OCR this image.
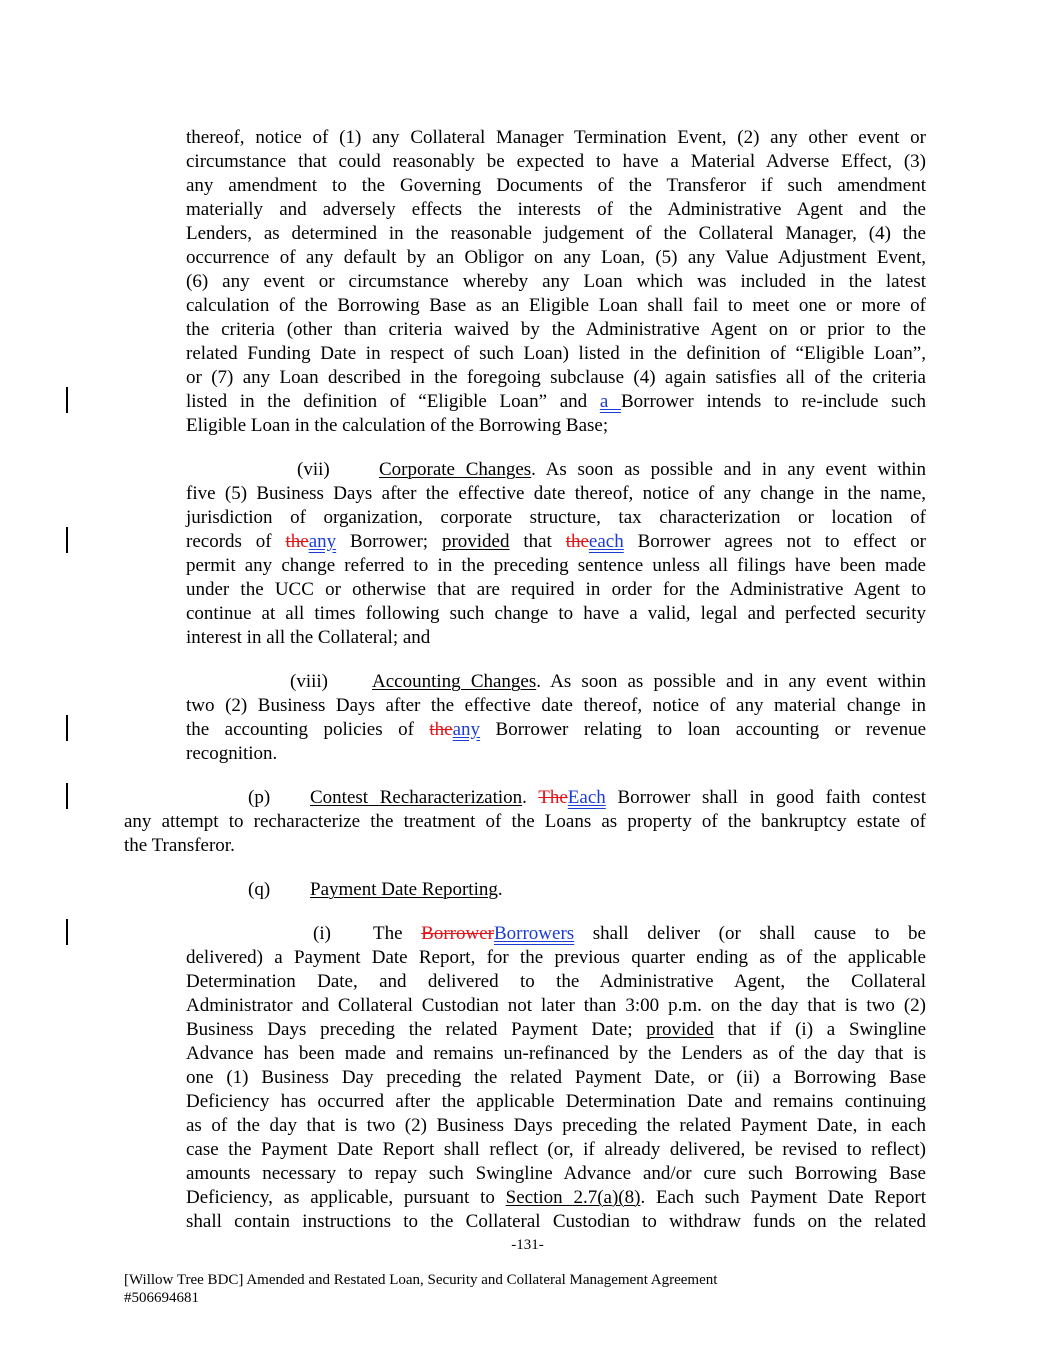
thereof, notice of (1) any Collateral Manager Termination Event, (2) any other event or
circumstance that could reasonably be expected to have a Material Adverse Effect, (3)
any amendment to the Governing Documents of the Transferor if such amendment
materially and adversely effects the interests of the Administrative Agent and the
Lenders, as determined in the reasonable judgement of the Collateral Manager, (4) the
occurrence of any default by an Obligor on any Loan, (5) any Value Adjustment Event,
(6) any event or circumstance whereby any Loan which was included in the latest
calculation of the Borrowing Base as an Eligible Loan shall fail to meet one or more of
the criteria (other than criteria waived by the Administrative Agent on or prior to the
related Funding Date in respect of such Loan) listed in the definition of “Eligible Loan”,
or (7) any Loan described in the foregoing subclause (4) again satisfies all of the criteria
listed in the definition of “Eligible Loan” and a Borrower intends to re-include such
Eligible Loan in the calculation of the Borrowing Base;
(vii)	Corporate Changes. As soon as possible and in any event within
five (5) Business Days after the effective date thereof, notice of any change in the name,
jurisdiction of organization, corporate structure, tax characterization or location of
records of theany Borrower; provided that theeach Borrower agrees not to effect or
permit any change referred to in the preceding sentence unless all filings have been made
under the UCC or otherwise that are required in order for the Administrative Agent to
continue at all times following such change to have a valid, legal and perfected security
interest in all the Collateral; and
(viii) Accounting Changes. As soon as possible and in any event within
two (2) Business Days after the effective date thereof, notice of any material change in
the accounting policies of theany Borrower relating to loan accounting or revenue
recognition.
(p) Contest Recharacterization. TheEach Borrower shall in good faith contest
any attempt to recharacterize the treatment of the Loans as property of the bankruptcy estate of
the Transferor.
(q) Payment Date Reporting.
(i) The BorrowerBorrowers shall deliver (or shall cause to be
delivered) a Payment Date Report, for the previous quarter ending as of the applicable
Determination Date, and delivered to the Administrative Agent, the Collateral
Administrator and Collateral Custodian not later than 3:00 p.m. on the day that is two (2)
Business Days preceding the related Payment Date; provided that if (i) a Swingline
Advance has been made and remains un-refinanced by the Lenders as of the day that is
one (1) Business Day preceding the related Payment Date, or (ii) a Borrowing Base
Deficiency has occurred after the applicable Determination Date and remains continuing
as of the day that is two (2) Business Days preceding the related Payment Date, in each
case the Payment Date Report shall reflect (or, if already delivered, be revised to reflect)
amounts necessary to repay such Swingline Advance and/or cure such Borrowing Base
Deficiency, as applicable, pursuant to Section 2.7(a)(8). Each such Payment Date Report
shall contain instructions to the Collateral Custodian to withdraw funds on the related
-131-
[Willow Tree BDC] Amended and Restated Loan, Security and Collateral Management Agreement
#506694681
